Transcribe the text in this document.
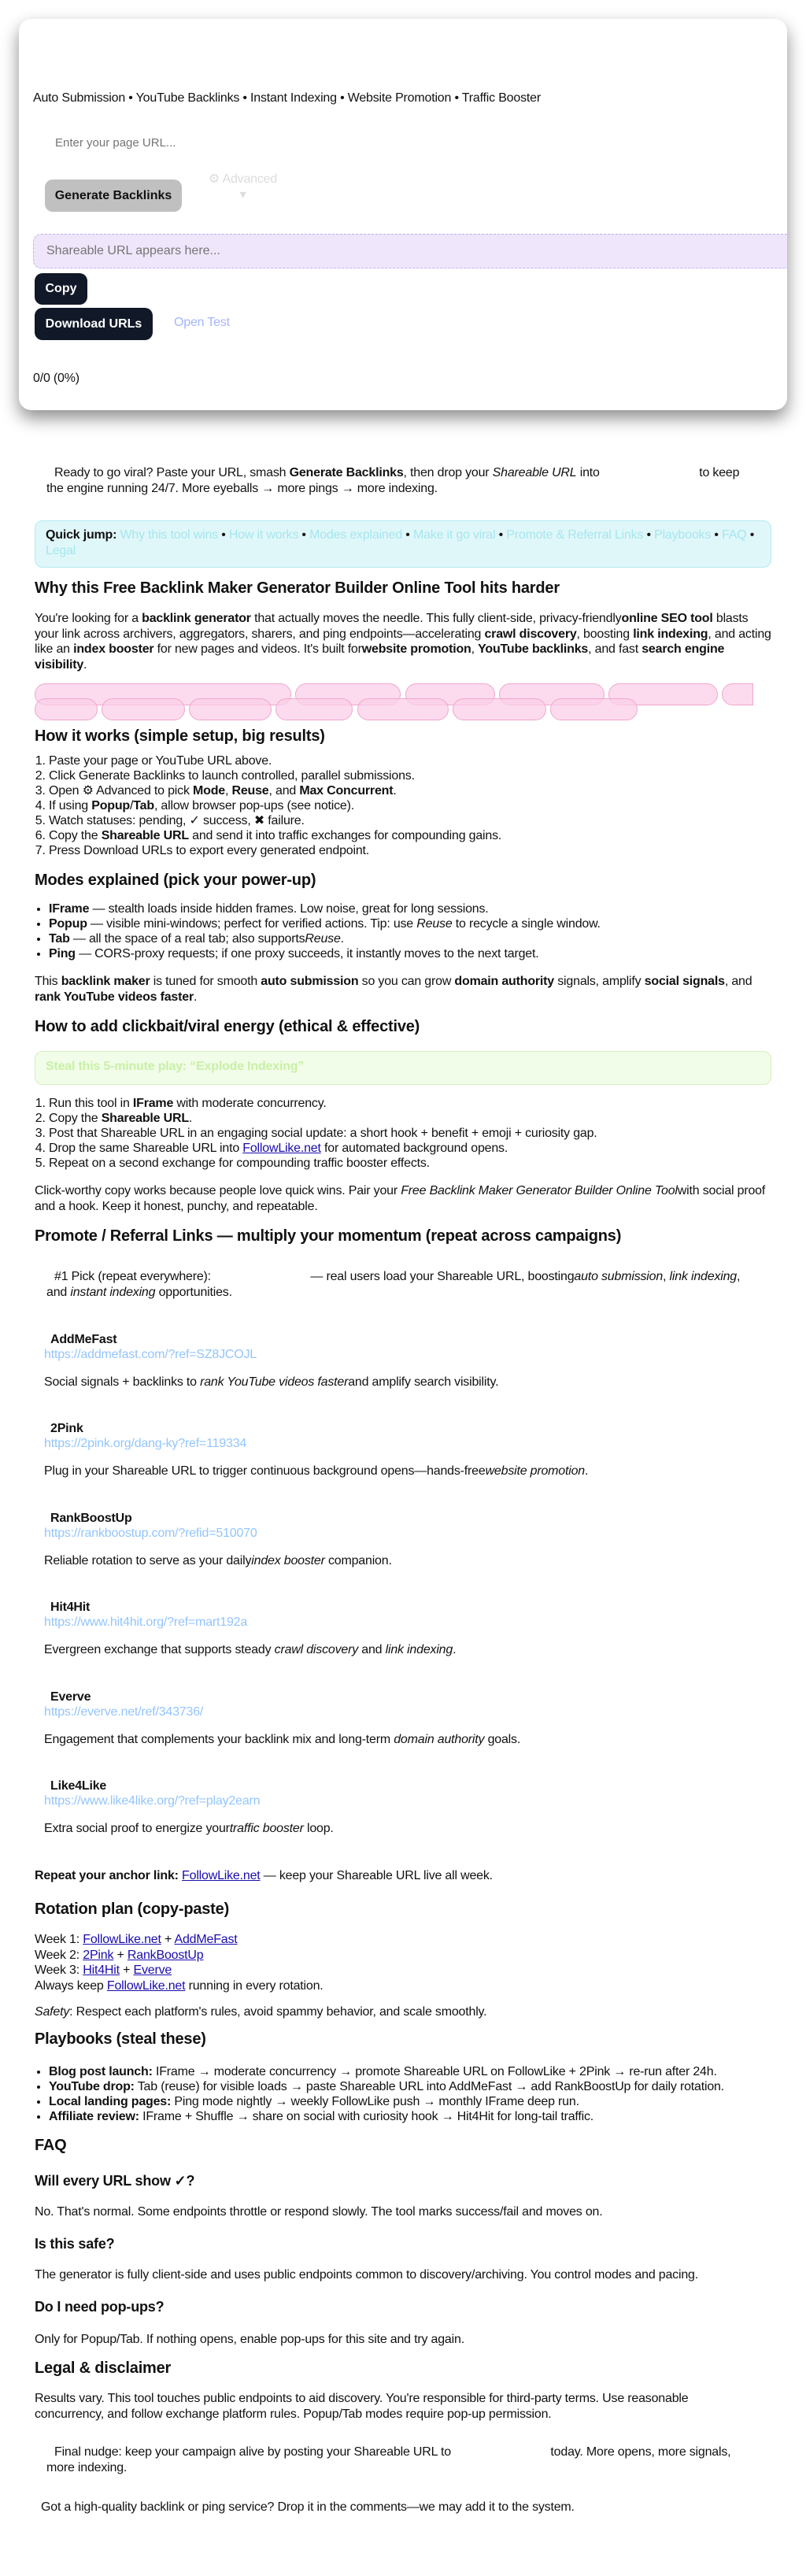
Auto Submission • YouTube Backlinks • Instant Indexing • Website Promotion • Traffic Booster
Enter your page URL...
Generate Backlinks
⚙ Advanced
▾
Shareable URL appears here...
Copy
Download URLs	Open Test
0/0 (0%)
Ready to go viral? Paste your URL, smash Generate Backlinks, then drop your Shareable URL into	to keep the engine running 24/7. More eyeballs → more pings → more indexing.
Quick jump: Why this tool wins • How it works • Modes explained • Make it go viral • Promote & Referral Links • Playbooks • FAQ • Legal
Why this Free Backlink Maker Generator Builder Online Tool hits harder
You're looking for a backlink generator that actually moves the needle. This fully client-side, privacy-friendlyonline SEO tool blasts your link across archivers, aggregators, sharers, and ping endpoints—accelerating crawl discovery, boosting link indexing, and acting like an index booster for new pages and videos. It's built forwebsite promotion, YouTube backlinks, and fast search engine visibility.
How it works (simple setup, big results)
1. Paste your page or YouTube URL above.
2. Click Generate Backlinks to launch controlled, parallel submissions.
3. Open ⚙ Advanced to pick Mode, Reuse, and Max Concurrent.
4. If using Popup/Tab, allow browser pop-ups (see notice).
5. Watch statuses: pending, ✓ success, ✖ failure.
6. Copy the Shareable URL and send it into traffic exchanges for compounding gains.
7. Press Download URLs to export every generated endpoint.
Modes explained (pick your power-up)
• IFrame — stealth loads inside hidden frames. Low noise, great for long sessions.
• Popup — visible mini-windows; perfect for verified actions. Tip: use Reuse to recycle a single window.
• Tab — all the space of a real tab; also supportsReuse.
• Ping — CORS-proxy requests; if one proxy succeeds, it instantly moves to the next target.
This backlink maker is tuned for smooth auto submission so you can grow domain authority signals, amplify social signals, and rank YouTube videos faster.
How to add clickbait/viral energy (ethical & effective)
Steal this 5-minute play: “Explode Indexing”
1. Run this tool in IFrame with moderate concurrency.
2. Copy the Shareable URL.
3. Post that Shareable URL in an engaging social update: a short hook + benefit + emoji + curiosity gap.
4. Drop the same Shareable URL into FollowLike.net for automated background opens.
5. Repeat on a second exchange for compounding traffic booster effects.
Click-worthy copy works because people love quick wins. Pair your Free Backlink Maker Generator Builder Online Toolwith social proof and a hook. Keep it honest, punchy, and repeatable.
Promote / Referral Links — multiply your momentum (repeat across campaigns)
#1 Pick (repeat everywhere):	— real users load your Shareable URL, boostingauto submission, link indexing, and instant indexing opportunities.
AddMeFast
https://addmefast.com/?ref=SZ8JCOJL
Social signals + backlinks to rank YouTube videos fasterand amplify search visibility.
2Pink
https://2pink.org/dang-ky?ref=119334
Plug in your Shareable URL to trigger continuous background opens—hands-freewebsite promotion.
RankBoostUp
https://rankboostup.com/?refid=510070
Reliable rotation to serve as your dailyindex booster companion.
Hit4Hit
https://www.hit4hit.org/?ref=mart192a
Evergreen exchange that supports steady crawl discovery and link indexing.
Everve
https://everve.net/ref/343736/
Engagement that complements your backlink mix and long-term domain authority goals.
Like4Like
https://www.like4like.org/?ref=play2earn
Extra social proof to energize yourtraffic booster loop.
Repeat your anchor link: FollowLike.net — keep your Shareable URL live all week.
Rotation plan (copy-paste)
Week 1: FollowLike.net + AddMeFast
Week 2: 2Pink + RankBoostUp
Week 3: Hit4Hit + Everve
Always keep FollowLike.net running in every rotation.
Safety: Respect each platform's rules, avoid spammy behavior, and scale smoothly.
Playbooks (steal these)
• Blog post launch: IFrame → moderate concurrency → promote Shareable URL on FollowLike + 2Pink → re-run after 24h.
• YouTube drop: Tab (reuse) for visible loads → paste Shareable URL into AddMeFast → add RankBoostUp for daily rotation.
• Local landing pages: Ping mode nightly → weekly FollowLike push → monthly IFrame deep run.
• Affiliate review: IFrame + Shuffle → share on social with curiosity hook → Hit4Hit for long-tail traffic.
FAQ
Will every URL show ✓?
No. That's normal. Some endpoints throttle or respond slowly. The tool marks success/fail and moves on.
Is this safe?
The generator is fully client-side and uses public endpoints common to discovery/archiving. You control modes and pacing.
Do I need pop-ups?
Only for Popup/Tab. If nothing opens, enable pop-ups for this site and try again.
Legal & disclaimer
Results vary. This tool touches public endpoints to aid discovery. You're responsible for third-party terms. Use reasonable concurrency, and follow exchange platform rules. Popup/Tab modes require pop-up permission.
Final nudge: keep your campaign alive by posting your Shareable URL to	today. More opens, more signals, more indexing.
Got a high-quality backlink or ping service? Drop it in the comments—we may add it to the system.
